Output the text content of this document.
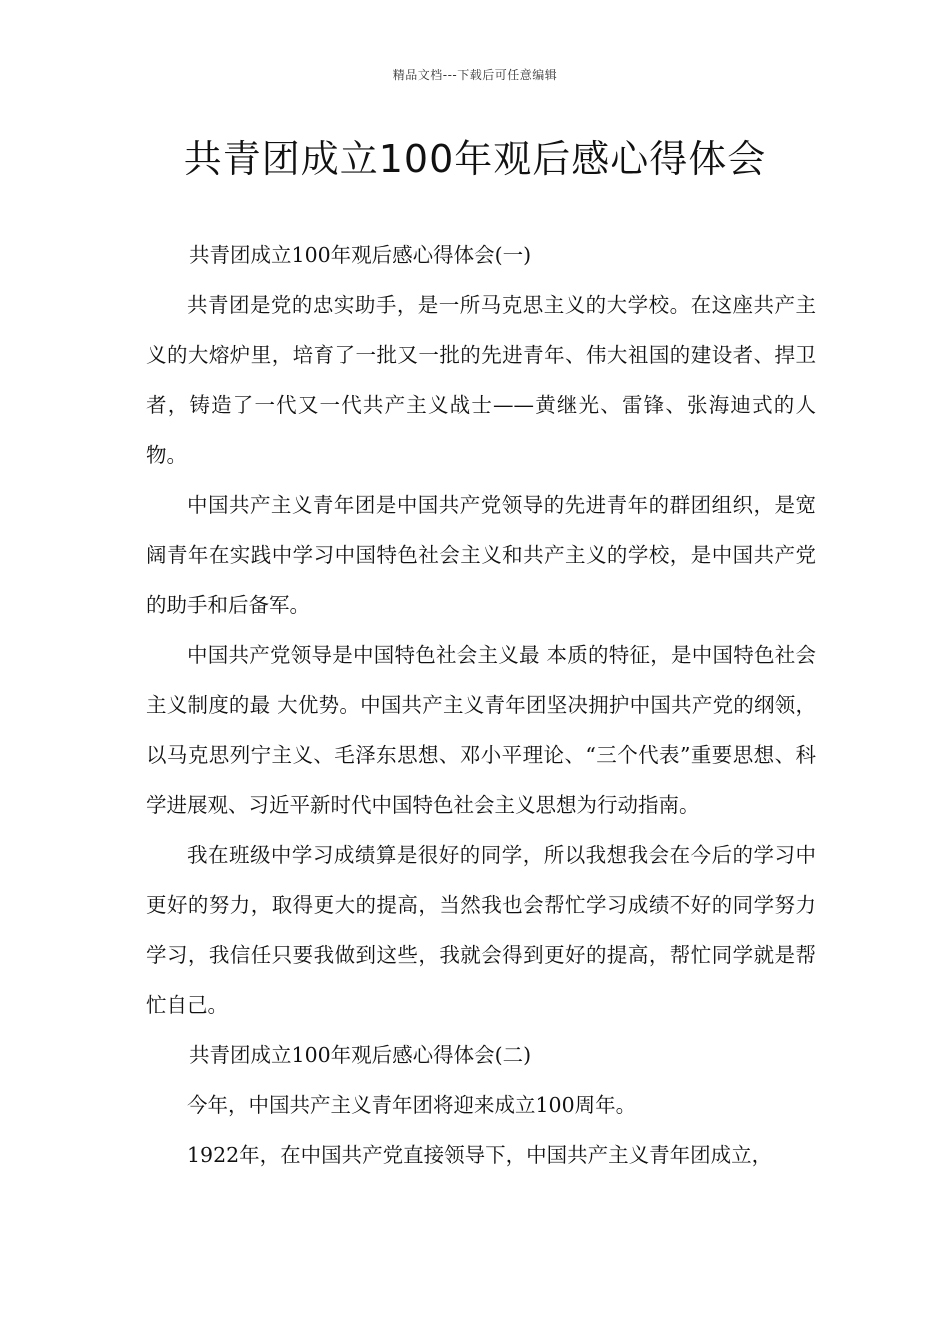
精品文档---下载后可任意编辑
共青团成立100年观后感心得体会

共青团成立100年观后感心得体会(一)

共青团是党的忠实助手，是一所马克思主义的大学校。在这座共产主义的大熔炉里，培育了一批又一批的先进青年、伟大祖国的建设者、捍卫者，铸造了一代又一代共产主义战士——黄继光、雷锋、张海迪式的人物。

中国共产主义青年团是中国共产党领导的先进青年的群团组织，是宽阔青年在实践中学习中国特色社会主义和共产主义的学校，是中国共产党的助手和后备军。

中国共产党领导是中国特色社会主义最 本质的特征，是中国特色社会主义制度的最 大优势。中国共产主义青年团坚决拥护中国共产党的纲领，以马克思列宁主义、毛泽东思想、邓小平理论、“三个代表”重要思想、科学进展观、习近平新时代中国特色社会主义思想为行动指南。

我在班级中学习成绩算是很好的同学，所以我想我会在今后的学习中更好的努力，取得更大的提高，当然我也会帮忙学习成绩不好的同学努力学习，我信任只要我做到这些，我就会得到更好的提高，帮忙同学就是帮忙自己。

共青团成立100年观后感心得体会(二)

今年，中国共产主义青年团将迎来成立100周年。

1922年，在中国共产党直接领导下，中国共产主义青年团成立，
